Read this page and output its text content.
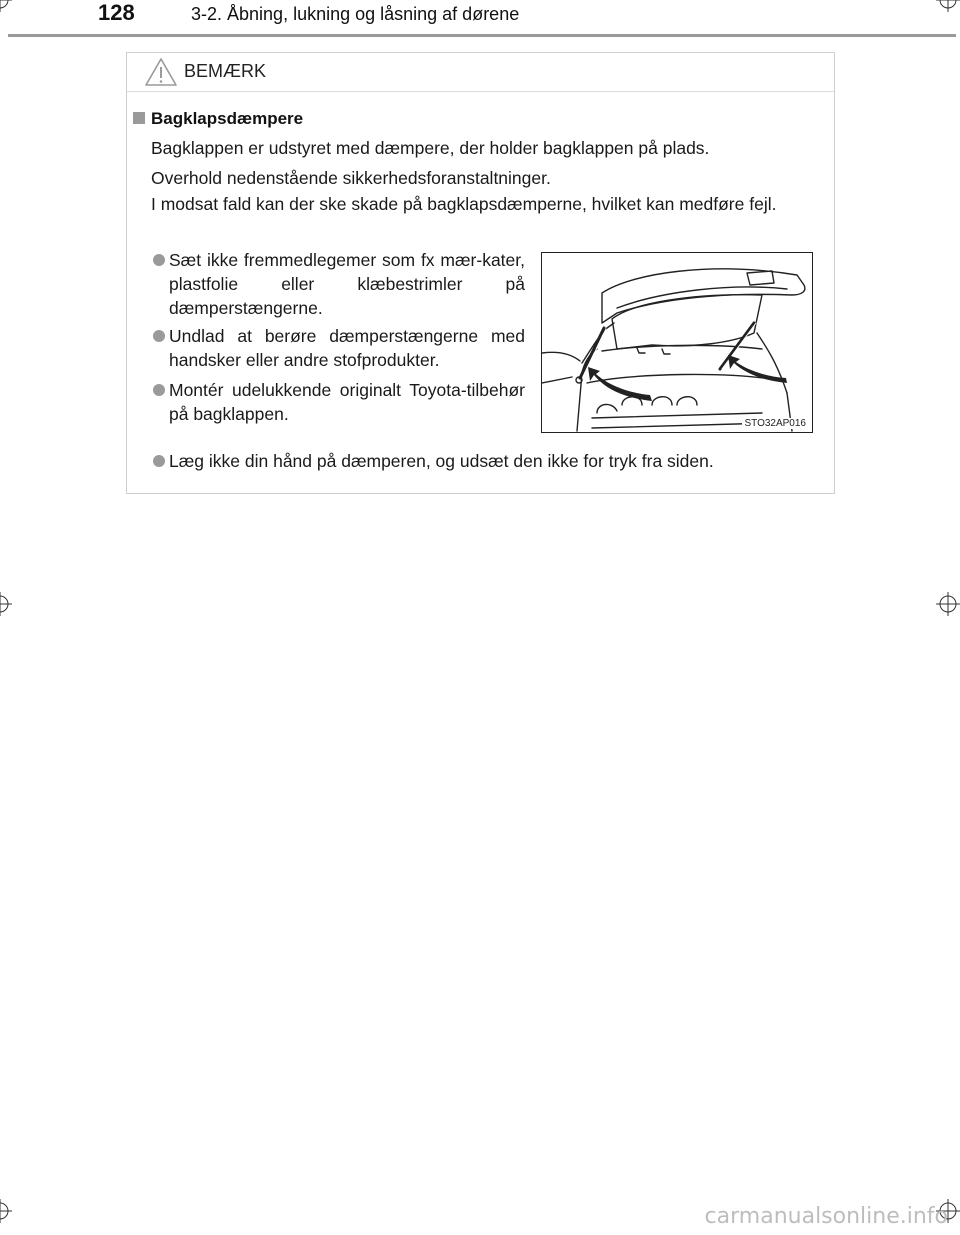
128	3-2. Åbning, lukning og låsning af dørene
BEMÆRK
Bagklapsdæmpere
Bagklappen er udstyret med dæmpere, der holder bagklappen på plads.
Overhold nedenstående sikkerhedsforanstaltninger.
I modsat fald kan der ske skade på bagklapsdæmperne, hvilket kan medføre fejl.
Sæt ikke fremmedlegemer som fx mær-kater, plastfolie eller klæbestrimler på dæmperstængerne.
Undlad at berøre dæmperstængerne med handsker eller andre stofprodukter.
Montér udelukkende originalt Toyota-tilbehør på bagklappen.	STO32AP016
Læg ikke din hånd på dæmperen, og udsæt den ikke for tryk fra siden.
carmanualsonline.info
